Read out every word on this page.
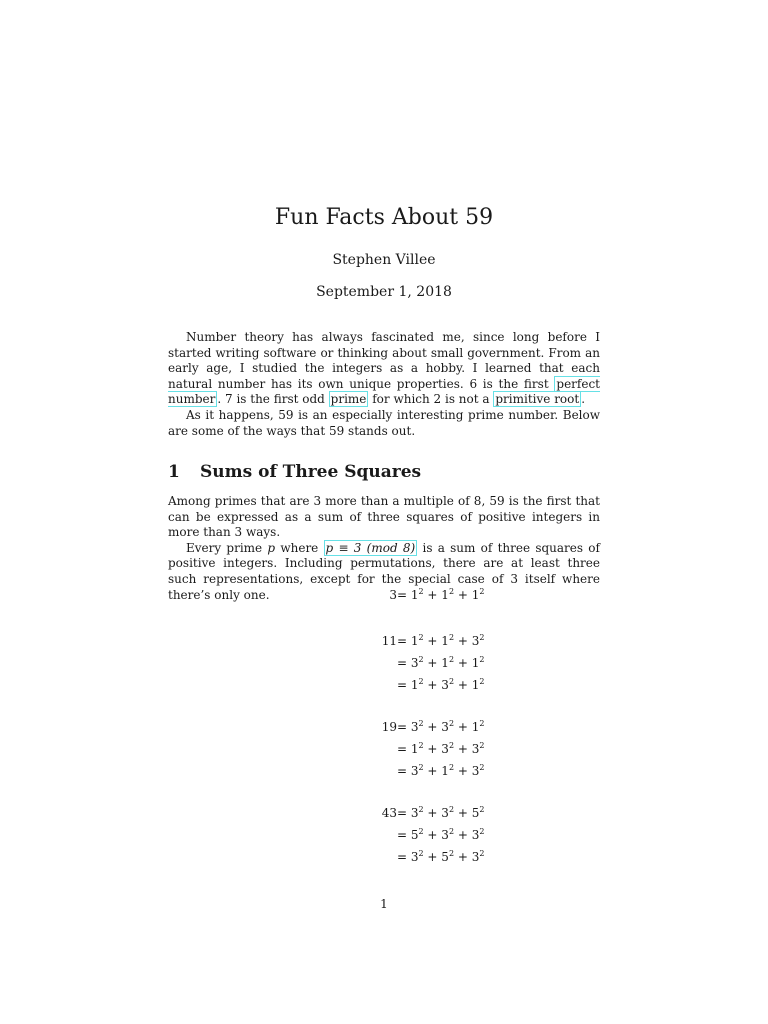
Fun Facts About 59
Stephen Villee
September 1, 2018

Number theory has always fascinated me, since long before I started writing software or thinking about small government. From an early age, I studied the integers as a hobby. I learned that each natural number has its own unique properties. 6 is the first perfect number . 7 is the first odd prime for which 2 is not a primitive root .

As it happens, 59 is an especially interesting prime number. Below are some of the ways that 59 stands out.

1 Sums of Three Squares

Among primes that are 3 more than a multiple of 8, 59 is the first that can be expressed as a sum of three squares of positive integers in more than 3 ways.

Every prime p where p ≡ 3 (mod 8) is a sum of three squares of positive integers. Including permutations, there are at least three such representations, except for the special case of 3 itself where there’s only one.	$3 = 1^2 + 1^2 + 1^2$
$11 = 1^2 + 1^2 + 3^2$
= $3^2 + 1^2 + 1^2$
= $1^2 + 3^2 + 1^2$
$19 = 3^2 + 3^2 + 1^2$
= $1^2 + 3^2 + 3^2$
= $3^2 + 1^2 + 3^2$
$43 = 3^2 + 3^2 + 5^2$
= $5^2 + 3^2 + 3^2$
= $3^2 + 5^2 + 3^2$
1
